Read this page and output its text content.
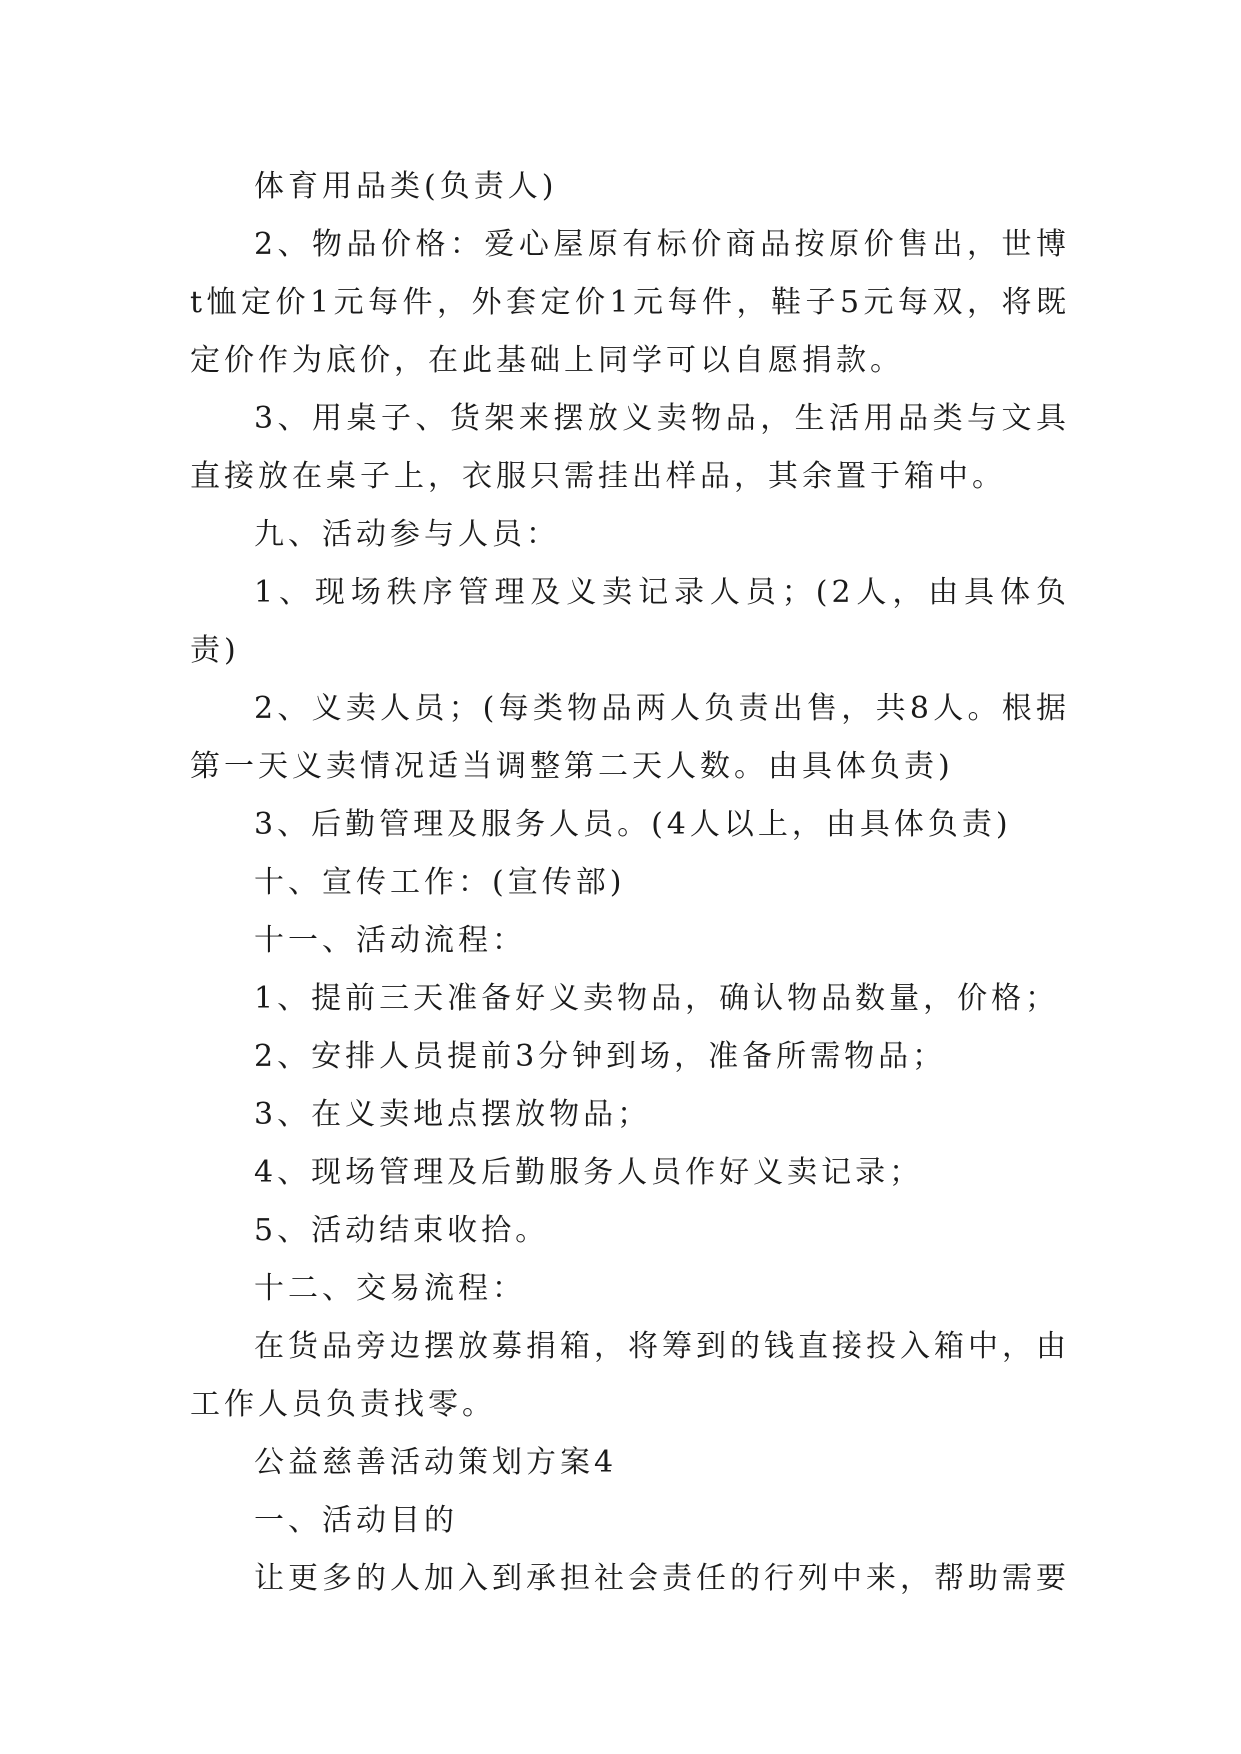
体育用品类(负责人)

2、物品价格：爱心屋原有标价商品按原价售出，世博t恤定价1元每件，外套定价1元每件，鞋子5元每双，将既定价作为底价，在此基础上同学可以自愿捐款。

3、用桌子、货架来摆放义卖物品，生活用品类与文具直接放在桌子上，衣服只需挂出样品，其余置于箱中。

九、活动参与人员：

1、现场秩序管理及义卖记录人员；(2人，由具体负责)

2、义卖人员；(每类物品两人负责出售，共8人。根据第一天义卖情况适当调整第二天人数。由具体负责)

3、后勤管理及服务人员。(4人以上，由具体负责)

十、宣传工作：(宣传部)

十一、活动流程：

1、提前三天准备好义卖物品，确认物品数量，价格；

2、安排人员提前3分钟到场，准备所需物品；

3、在义卖地点摆放物品；

4、现场管理及后勤服务人员作好义卖记录；

5、活动结束收拾。

十二、交易流程：

在货品旁边摆放募捐箱，将筹到的钱直接投入箱中，由工作人员负责找零。

公益慈善活动策划方案4

一、活动目的

让更多的人加入到承担社会责任的行列中来，帮助需要
